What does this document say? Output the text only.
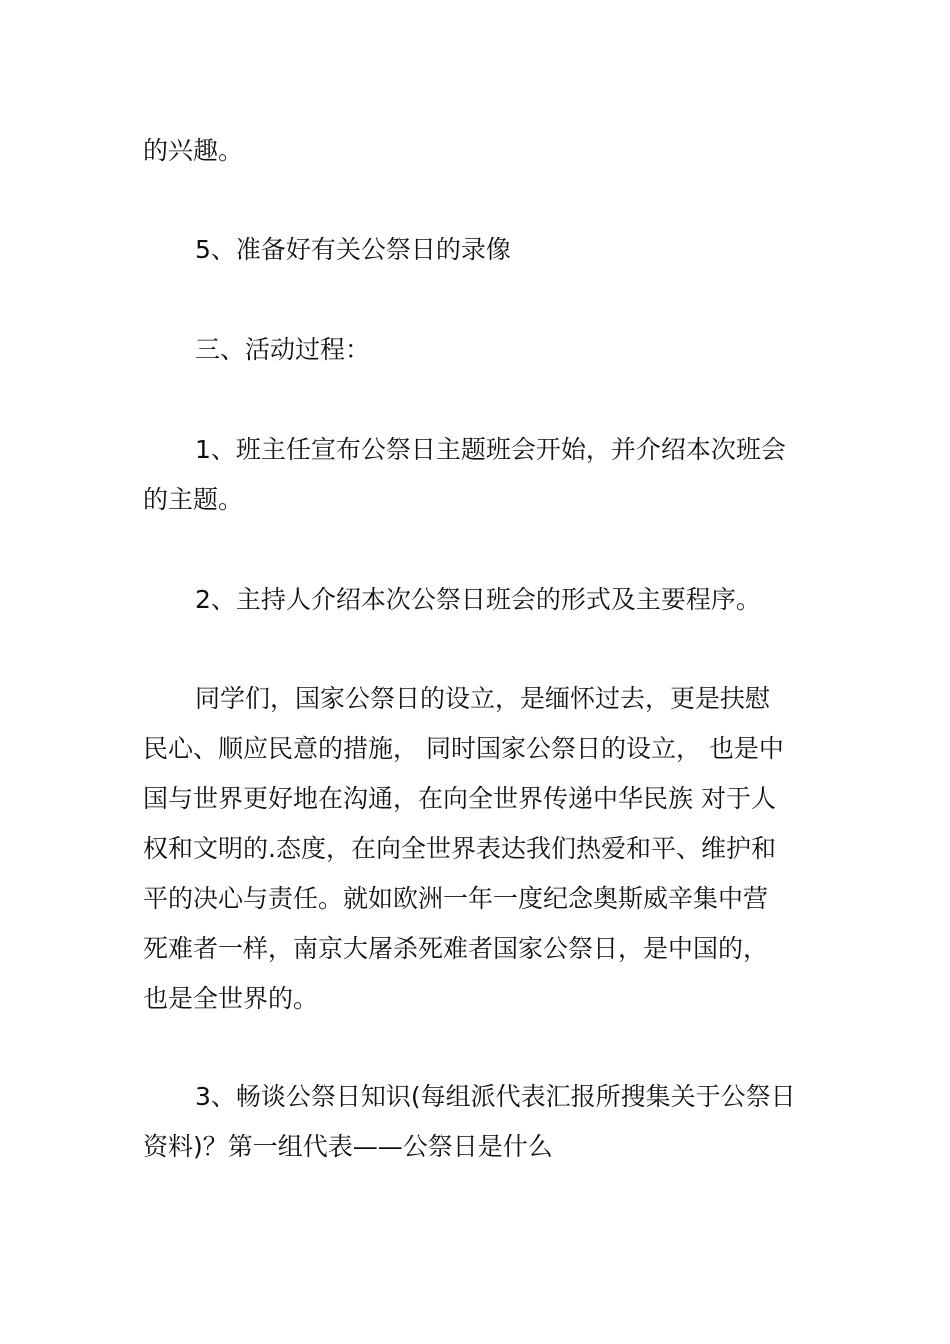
的兴趣。
5、准备好有关公祭日的录像
三、活动过程：
1、班主任宣布公祭日主题班会开始，并介绍本次班会
的主题。
2、主持人介绍本次公祭日班会的形式及主要程序。
同学们，国家公祭日的设立，是缅怀过去，更是扶慰
民心、顺应民意的措施， 同时国家公祭日的设立， 也是中
国与世界更好地在沟通，在向全世界传递中华民族 对于人
权和文明的.态度，在向全世界表达我们热爱和平、维护和
平的决心与责任。就如欧洲一年一度纪念奥斯威辛集中营
死难者一样，南京大屠杀死难者国家公祭日，是中国的，
也是全世界的。
3、畅谈公祭日知识(每组派代表汇报所搜集关于公祭日
资料)？第一组代表——公祭日是什么
